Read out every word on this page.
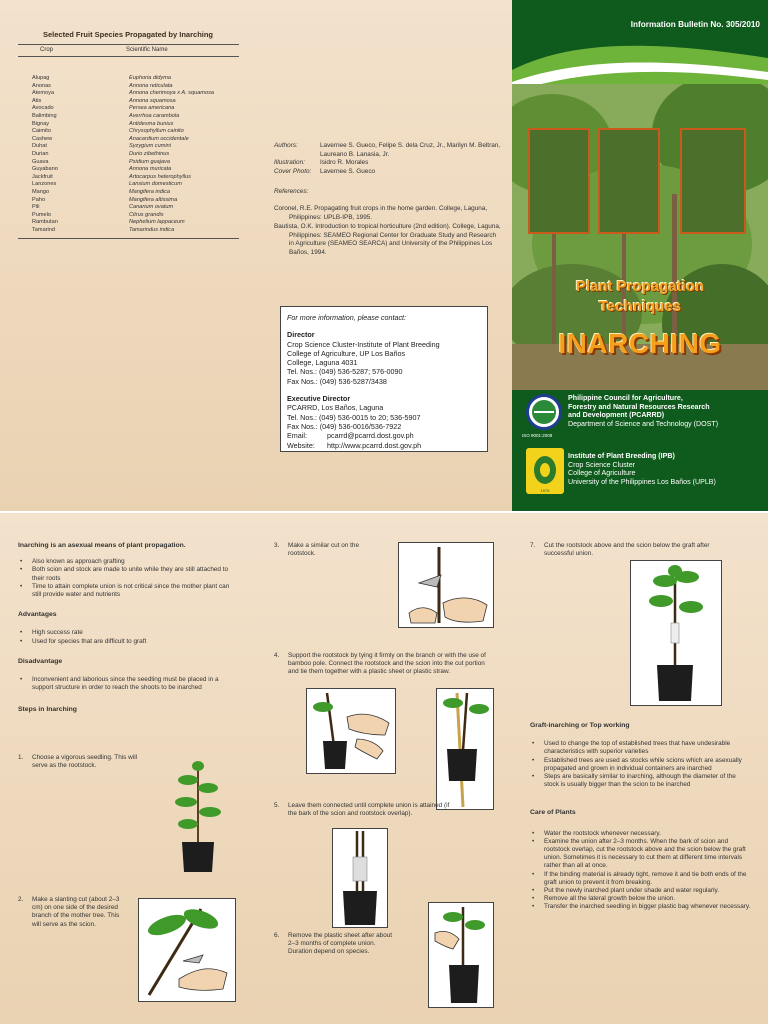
Selected Fruit Species Propagated by Inarching
Crop	Scientific Name
Alupag	Euphoria didyma
Anonas	Annona reticulata
Atemoya	Annona cherimoya x A. squamosa
Atis	Annona squamosa
Avocado	Persea americana
Balimbing	Averrhoa carambola
Bignay	Antidesma bunius
Caimito	Chrysophyllum cainito
Cashew	Anacardium occidentale
Duhat	Syzygium cumini
Durian	Durio zibethinus
Guava	Psidium guajava
Guyabano	Annona muricata
Jackfruit	Artocarpus heterophyllus
Lanzones	Lansium domesticum
Mango	Mangifera indica
Paho	Mangifera altissima
Pili	Canarium ovatum
Pumelo	Citrus grandis
Rambutan	Nephelium lappaceum
Tamarind	Tamarindus indica
Authors:	Lavernee S. Gueco, Felipe S. dela Cruz, Jr., Marilyn M. Beltran, Laureano B. Lanasia, Jr.
Illustration:	Isidro R. Morales
Cover Photo:	Lavernee S. Gueco
References:
Coronel, R.E. Propagating fruit crops in the home garden. College, Laguna, Philippines: UPLB-IPB, 1995.
Bautista, O.K. Introduction to tropical horticulture (2nd edition). College, Laguna, Philippines: SEAMEO Regional Center for Graduate Study and Research in Agriculture (SEAMEO SEARCA) and University of the Philippines Los Baños, 1994.
For more information, please contact:
Director
Crop Science Cluster-Institute of Plant Breeding
College of Agriculture, UP Los Baños
College, Laguna 4031
Tel. Nos.: (049) 536-5287; 576-0090
Fax Nos.: (049) 536-5287/3438
Executive Director
PCARRD, Los Baños, Laguna
Tel. Nos.: (049) 536-0015 to 20; 536-5907
Fax Nos.: (049) 536-0016/536-7922
Email:	pcarrd@pcarrd.dost.gov.ph
Website:	http://www.pcarrd.dost.gov.ph
Information Bulletin No. 305/2010
Plant Propagation
Techniques
INARCHING
ISO 9001:2008
Philippine Council for Agriculture,
Forestry and Natural Resources Research
and Development (PCARRD)
Department of Science and Technology (DOST)
1975
Institute of Plant Breeding (IPB)
Crop Science Cluster
College of Agriculture
University of the Philippines Los Baños (UPLB)
Inarching is an asexual means of plant propagation.
• Also known as approach grafting
• Both scion and stock are made to unite while they are still attached to their roots
• Time to attain complete union is not critical since the mother plant can still provide water and nutrients
Advantages
• High success rate
• Used for species that are difficult to graft
Disadvantage
• Inconvenient and laborious since the seedling must be placed in a support structure in order to reach the shoots to be inarched
Steps in Inarching
1.	Choose a vigorous seedling. This will serve as the rootstock.
2.	Make a slanting cut (about 2–3 cm) on one side of the desired branch of the mother tree. This will serve as the scion.
3.	Make a similar cut on the rootstock.
4.	Support the rootstock by tying it firmly on the branch or with the use of bamboo pole. Connect the rootstock and the scion into the cut portion and tie them together with a plastic sheet or plastic straw.
5.	Leave them connected until complete union is attained (if the bark of the scion and rootstock overlap).
6.	Remove the plastic sheet after about 2–3 months of complete union. Duration depend on species.
7.	Cut the rootstock above and the scion below the graft after successful union.
Graft-inarching or Top working
• Used to change the top of established trees that have undesirable characteristics with superior varieties
• Established trees are used as stocks while scions which are asexually propagated and grown in individual containers are inarched
• Steps are basically similar to inarching, although the diameter of the stock is usually bigger than the scion to be inarched
Care of Plants
• Water the rootstock whenever necessary.
• Examine the union after 2–3 months. When the bark of scion and rootstock overlap, cut the rootstock above and the scion below the graft union. Sometimes it is necessary to cut them at different time intervals rather than all at once.
• If the binding material is already tight, remove it and tie both ends of the graft union to prevent it from breaking.
• Put the newly inarched plant under shade and water regularly.
• Remove all the lateral growth below the union.
• Transfer the inarched seedling in bigger plastic bag whenever necessary.
